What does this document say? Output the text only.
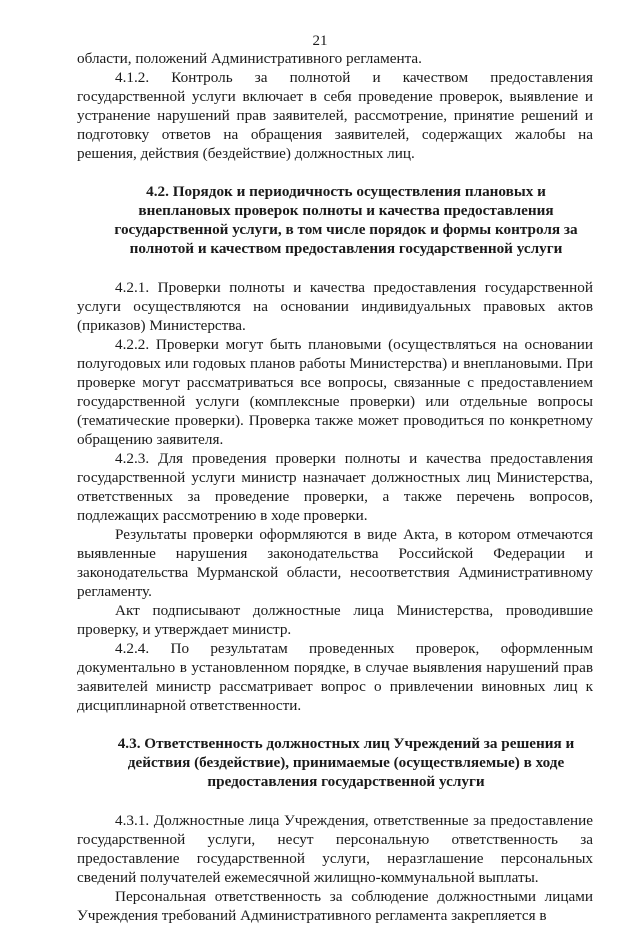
21

области, положений Административного регламента.

4.1.2. Контроль за полнотой и качеством предоставления государственной услуги включает в себя проведение проверок, выявление и устранение нарушений прав заявителей, рассмотрение, принятие решений и подготовку ответов на обращения заявителей, содержащих жалобы на решения, действия (бездействие) должностных лиц.

4.2. Порядок и периодичность осуществления плановых и
внеплановых проверок полноты и качества предоставления
государственной услуги, в том числе порядок и формы контроля за
полнотой и качеством предоставления государственной услуги

4.2.1. Проверки полноты и качества предоставления государственной услуги осуществляются на основании индивидуальных правовых актов (приказов) Министерства.

4.2.2. Проверки могут быть плановыми (осуществляться на основании полугодовых или годовых планов работы Министерства) и внеплановыми. При проверке могут рассматриваться все вопросы, связанные с предоставлением государственной услуги (комплексные проверки) или отдельные вопросы (тематические проверки). Проверка также может проводиться по конкретному обращению заявителя.

4.2.3. Для проведения проверки полноты и качества предоставления государственной услуги министр назначает должностных лиц Министерства, ответственных за проведение проверки, а также перечень вопросов, подлежащих рассмотрению в ходе проверки.

Результаты проверки оформляются в виде Акта, в котором отмечаются выявленные нарушения законодательства Российской Федерации и законодательства Мурманской области, несоответствия Административному регламенту.

Акт подписывают должностные лица Министерства, проводившие проверку, и утверждает министр.

4.2.4. По результатам проведенных проверок, оформленным документально в установленном порядке, в случае выявления нарушений прав заявителей министр рассматривает вопрос о привлечении виновных лиц к дисциплинарной ответственности.

4.3. Ответственность должностных лиц Учреждений за решения и
действия (бездействие), принимаемые (осуществляемые) в ходе
предоставления государственной услуги

4.3.1. Должностные лица Учреждения, ответственные за предоставление государственной услуги, несут персональную ответственность за предоставление государственной услуги, неразглашение персональных сведений получателей ежемесячной жилищно-коммунальной выплаты.

Персональная ответственность за соблюдение должностными лицами Учреждения требований Административного регламента закрепляется в
